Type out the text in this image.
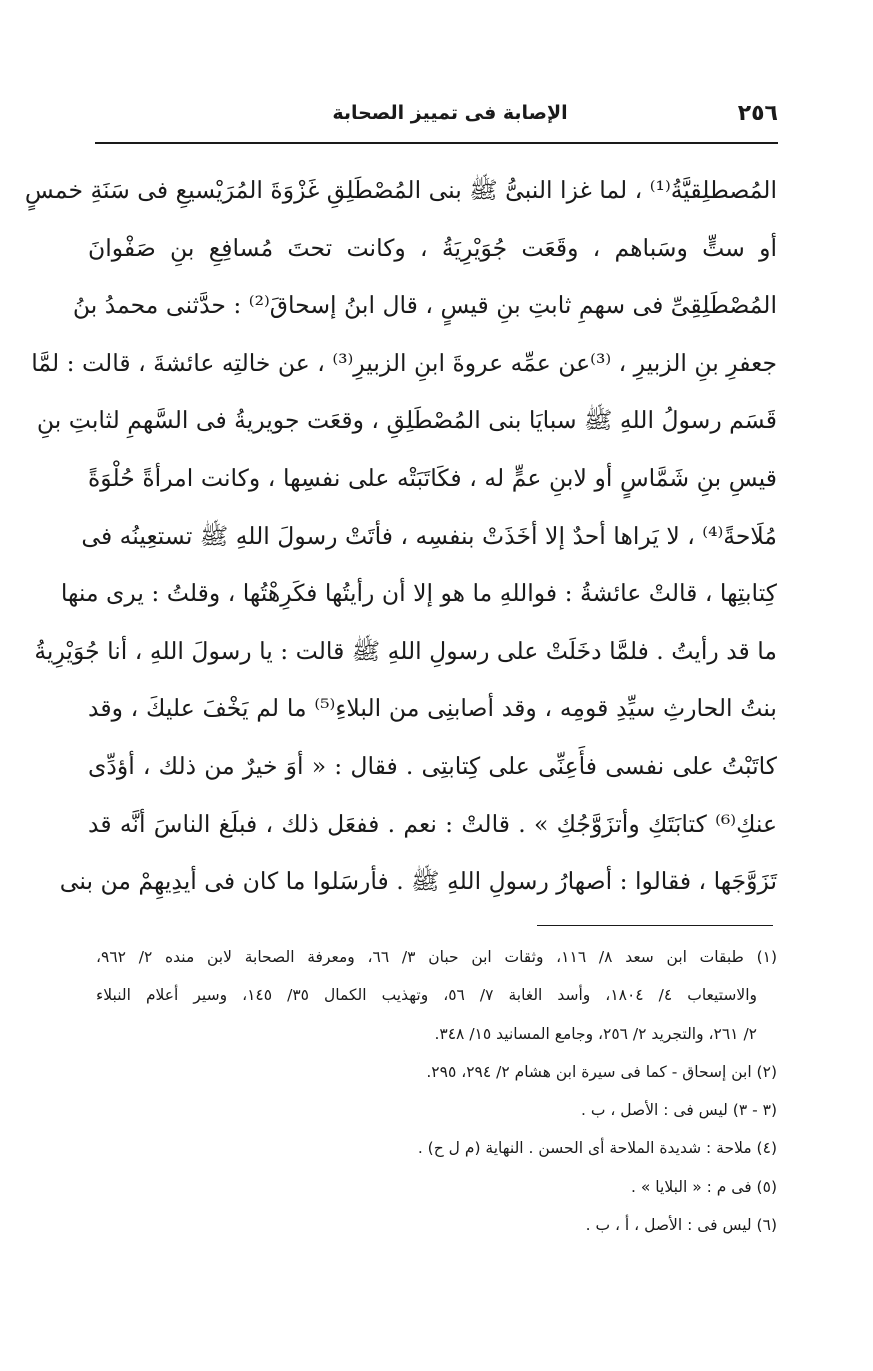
٢٥٦
الإصابة فى تمييز الصحابة
المُصطلِقيَّةُ⁽¹⁾ ، لما غزا النبىُّ ﷺ بنى المُصْطَلِقِ غَزْوَةَ المُرَيْسيعِ فى سَنَةِ خمسٍ
أو ستٍّ وسَباهم ، وقَعَت جُوَيْرِيَةُ ، وكانت تحتَ مُسافِعِ بنِ صَفْوانَ
المُصْطَلِقِىِّ فى سهمِ ثابتِ بنِ قيسٍ ، قال ابنُ إسحاقَ⁽²⁾ : حدَّثنى محمدُ بنُ
جعفرِ بنِ الزبيرِ ، ⁽³⁾عن عمِّه عروةَ ابنِ الزبيرِ⁽³⁾ ، عن خالتِه عائشةَ ، قالت : لمَّا
قَسَم رسولُ اللهِ ﷺ سبايَا بنى المُصْطَلِقِ ، وقعَت جويريةُ فى السَّهمِ لثابتِ بنِ
قيسِ بنِ شَمَّاسٍ أو لابنِ عمٍّ له ، فكَاتَبَتْه على نفسِها ، وكانت امرأةً حُلْوَةً
مُلَاحةً⁽⁴⁾ ، لا يَراها أحدٌ إلا أخَذَتْ بنفسِه ، فأتَتْ رسولَ اللهِ ﷺ تستعِينُه فى
كِتابتِها ، قالتْ عائشةُ : فواللهِ ما هو إلا أن رأيتُها فكَرِهْتُها ، وقلتُ : يرى منها
ما قد رأيتُ . فلمَّا دخَلَتْ على رسولِ اللهِ ﷺ قالت : يا رسولَ اللهِ ، أنا جُوَيْرِيةُ
بنتُ الحارثِ سيِّدِ قومِه ، وقد أصابنِى من البلاءِ⁽⁵⁾ ما لم يَخْفَ عليكَ ، وقد
كاتَبْتُ على نفسى فأَعِنِّى على كِتابتِى . فقال : « أوَ خيرٌ من ذلك ، أؤدِّى
عنكِ⁽⁶⁾ كتابَتَكِ وأتزَوَّجُكِ » . قالتْ : نعم . ففعَل ذلك ، فبلَغ الناسَ أنَّه قد
تَزَوَّجَها ، فقالوا : أصهارُ رسولِ اللهِ ﷺ . فأرسَلوا ما كان فى أيدِيهِمْ من بنى
(١) طبقات ابن سعد ٨/ ١١٦، وثقات ابن حبان ٣/ ٦٦، ومعرفة الصحابة لابن منده ٢/ ٩٦٢،
والاستيعاب ٤/ ١٨٠٤، وأسد الغابة ٧/ ٥٦، وتهذيب الكمال ٣٥/ ١٤٥، وسير أعلام النبلاء
٢/ ٢٦١، والتجريد ٢/ ٢٥٦، وجامع المسانيد ١٥/ ٣٤٨.
(٢) ابن إسحاق - كما فى سيرة ابن هشام ٢/ ٢٩٤، ٢٩٥.
(٣ - ٣) ليس فى : الأصل ، ب .
(٤) ملاحة : شديدة الملاحة أى الحسن . النهاية (م ل ح) .
(٥) فى م : « البلايا » .
(٦) ليس فى : الأصل ، أ ، ب .
